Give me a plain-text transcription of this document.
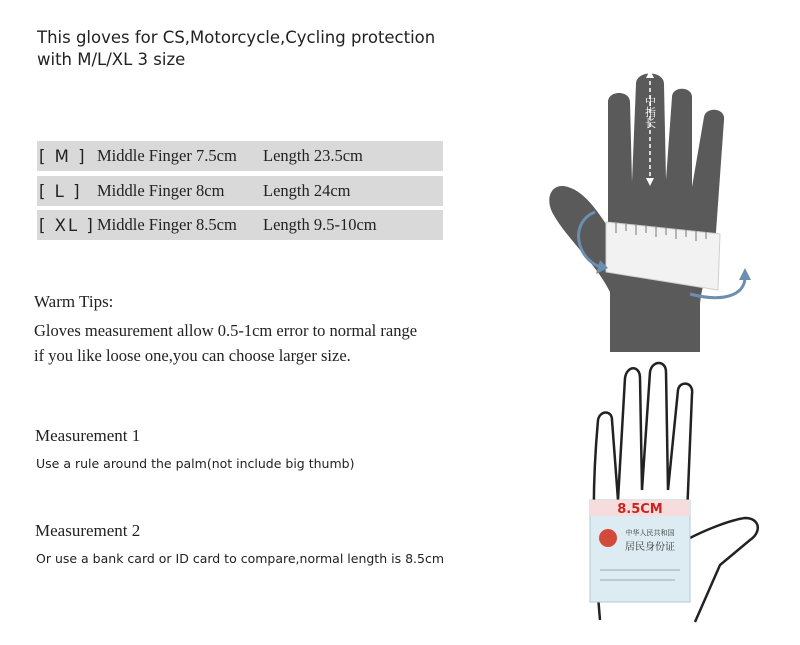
This gloves for CS,Motorcycle,Cycling protection
with M/L/XL 3 size
[ M ] Middle Finger 7.5cm	Length 23.5cm
[ L ] Middle Finger 8cm	Length 24cm
[ XL ] Middle Finger 8.5cm	Length 9.5-10cm
Warm Tips:
Gloves measurement allow 0.5-1cm error to normal range
if you like loose one,you can choose larger size.
Measurement 1
Use a rule around the palm(not include big thumb)
Measurement 2
Or use a bank card or ID card to compare,normal length is 8.5cm
中指长
8.5CM
中华人民共和国
居民身份证
